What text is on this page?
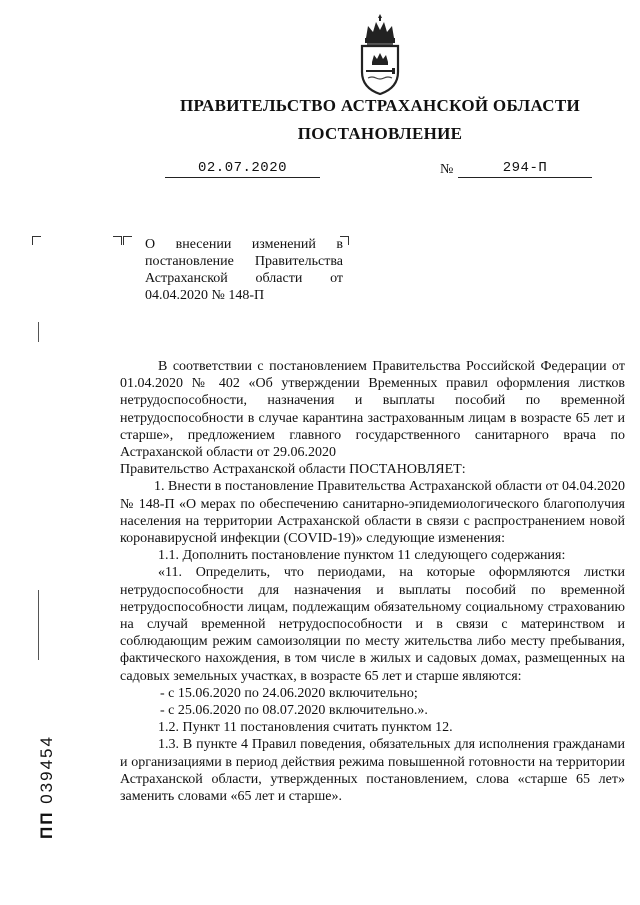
ПРАВИТЕЛЬСТВО АСТРАХАНСКОЙ ОБЛАСТИ
ПОСТАНОВЛЕНИЕ
02.07.2020	№	294-П
О внесении изменений в
постановление Правительства
Астраханской области от
04.04.2020 № 148-П

В соответствии с постановлением Правительства Российской Федерации от 01.04.2020 № 402 «Об утверждении Временных правил оформления листков нетрудоспособности, назначения и выплаты пособий по временной нетрудоспособности в случае карантина застрахованным лицам в возрасте 65 лет и старше», предложением главного государственного санитарного врача по Астраханской области от 29.06.2020

Правительство Астраханской области ПОСТАНОВЛЯЕТ:

1. Внести в постановление Правительства Астраханской области от 04.04.2020 № 148-П «О мерах по обеспечению санитарно-эпидемиологического благополучия населения на территории Астраханской области в связи с распространением новой коронавирусной инфекции (COVID-19)» следующие изменения:

1.1. Дополнить постановление пунктом 11 следующего содержания:

«11. Определить, что периодами, на которые оформляются листки нетрудоспособности для назначения и выплаты пособий по временной нетрудоспособности лицам, подлежащим обязательному социальному страхованию на случай временной нетрудоспособности и в связи с материнством и соблюдающим режим самоизоляции по месту жительства либо месту пребывания, фактического нахождения, в том числе в жилых и садовых домах, размещенных на садовых земельных участках, в возрасте 65 лет и старше являются:

- с 15.06.2020 по 24.06.2020 включительно;

- с 25.06.2020 по 08.07.2020 включительно.».

1.2. Пункт 11 постановления считать пунктом 12.

1.3. В пункте 4 Правил поведения, обязательных для исполнения гражданами и организациями в период действия режима повышенной готовности на территории Астраханской области, утвержденных постановлением, слова «старше 65 лет» заменить словами «65 лет и старше».

ПП 039454
